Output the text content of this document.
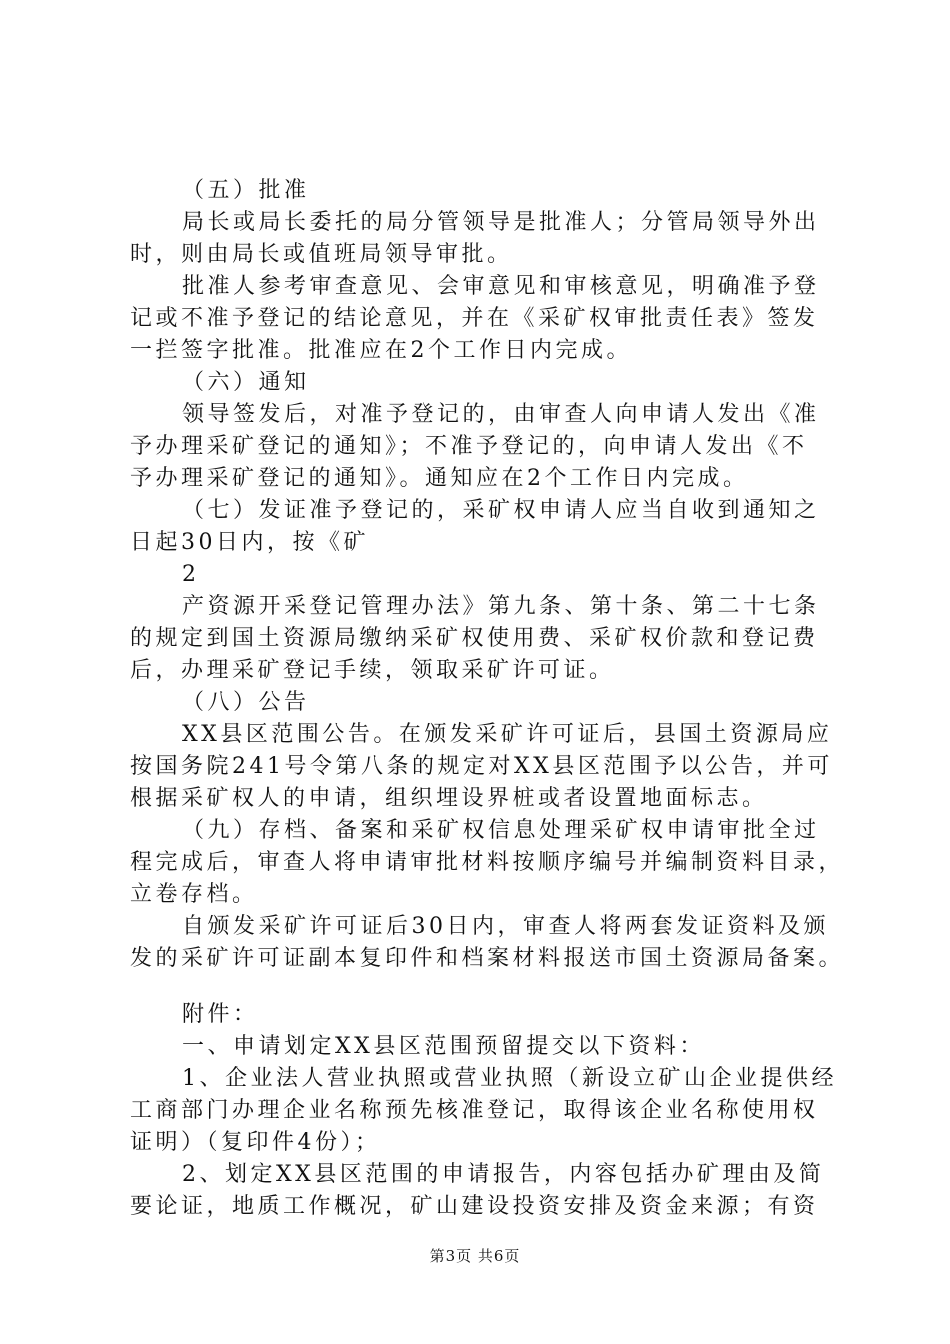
（五）批准
局长或局长委托的局分管领导是批准人；分管局领导外出
时，则由局长或值班局领导审批。
批准人参考审查意见、会审意见和审核意见，明确准予登
记或不准予登记的结论意见，并在《采矿权审批责任表》签发
一拦签字批准。批准应在2个工作日内完成。
（六）通知
领导签发后，对准予登记的，由审查人向申请人发出《准
予办理采矿登记的通知》；不准予登记的，向申请人发出《不
予办理采矿登记的通知》。通知应在2个工作日内完成。
（七）发证准予登记的，采矿权申请人应当自收到通知之
日起30日内，按《矿
2
产资源开采登记管理办法》第九条、第十条、第二十七条
的规定到国土资源局缴纳采矿权使用费、采矿权价款和登记费
后，办理采矿登记手续，领取采矿许可证。
（八）公告
XX县区范围公告。在颁发采矿许可证后，县国土资源局应
按国务院241号令第八条的规定对XX县区范围予以公告，并可
根据采矿权人的申请，组织埋设界桩或者设置地面标志。
（九）存档、备案和采矿权信息处理采矿权申请审批全过
程完成后，审查人将申请审批材料按顺序编号并编制资料目录，
立卷存档。
自颁发采矿许可证后30日内，审查人将两套发证资料及颁
发的采矿许可证副本复印件和档案材料报送市国土资源局备案。
附件：
一、申请划定XX县区范围预留提交以下资料：
1、企业法人营业执照或营业执照（新设立矿山企业提供经
工商部门办理企业名称预先核准登记，取得该企业名称使用权
证明）（复印件4份）；
2、划定XX县区范围的申请报告，内容包括办矿理由及简
要论证，地质工作概况，矿山建设投资安排及资金来源；有资
第3页 共6页
